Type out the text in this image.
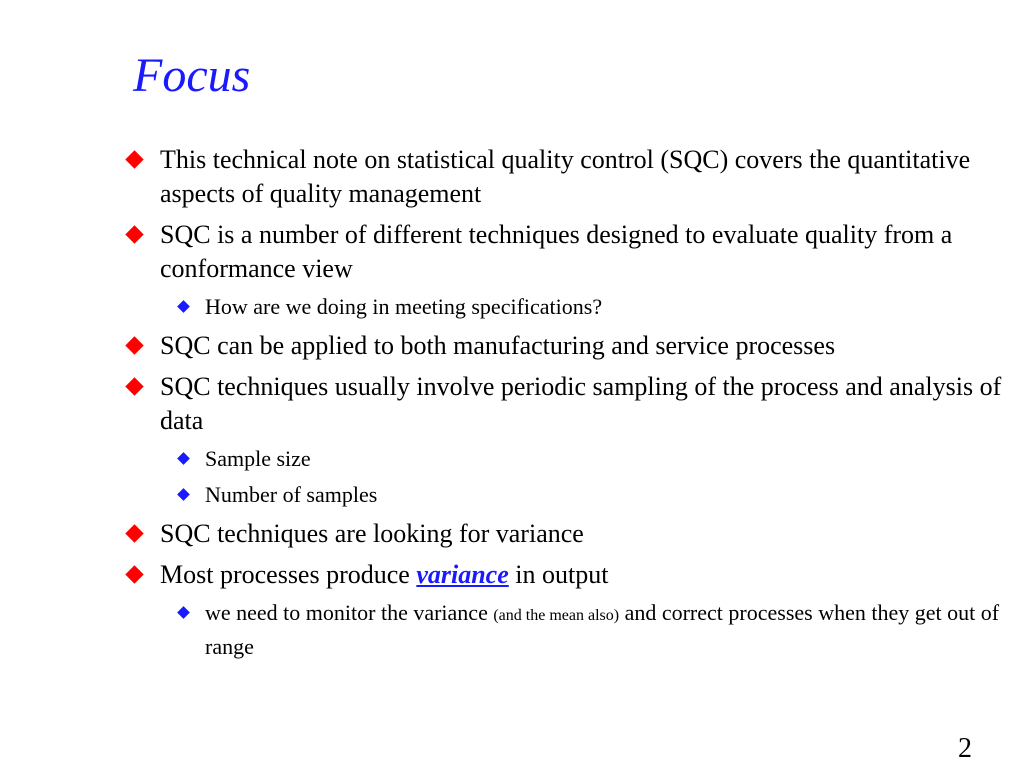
Focus
This technical note on statistical quality control (SQC) covers the quantitative aspects of quality management
SQC is a number of different techniques designed to evaluate quality from a conformance view
How are we doing in meeting specifications?
SQC can be applied to both manufacturing and service processes
SQC techniques usually involve periodic sampling of the process and analysis of data
Sample size
Number of samples
SQC techniques are looking for variance
Most processes produce variance in output
we need to monitor the variance (and the mean also) and correct processes when they get out of range
2
